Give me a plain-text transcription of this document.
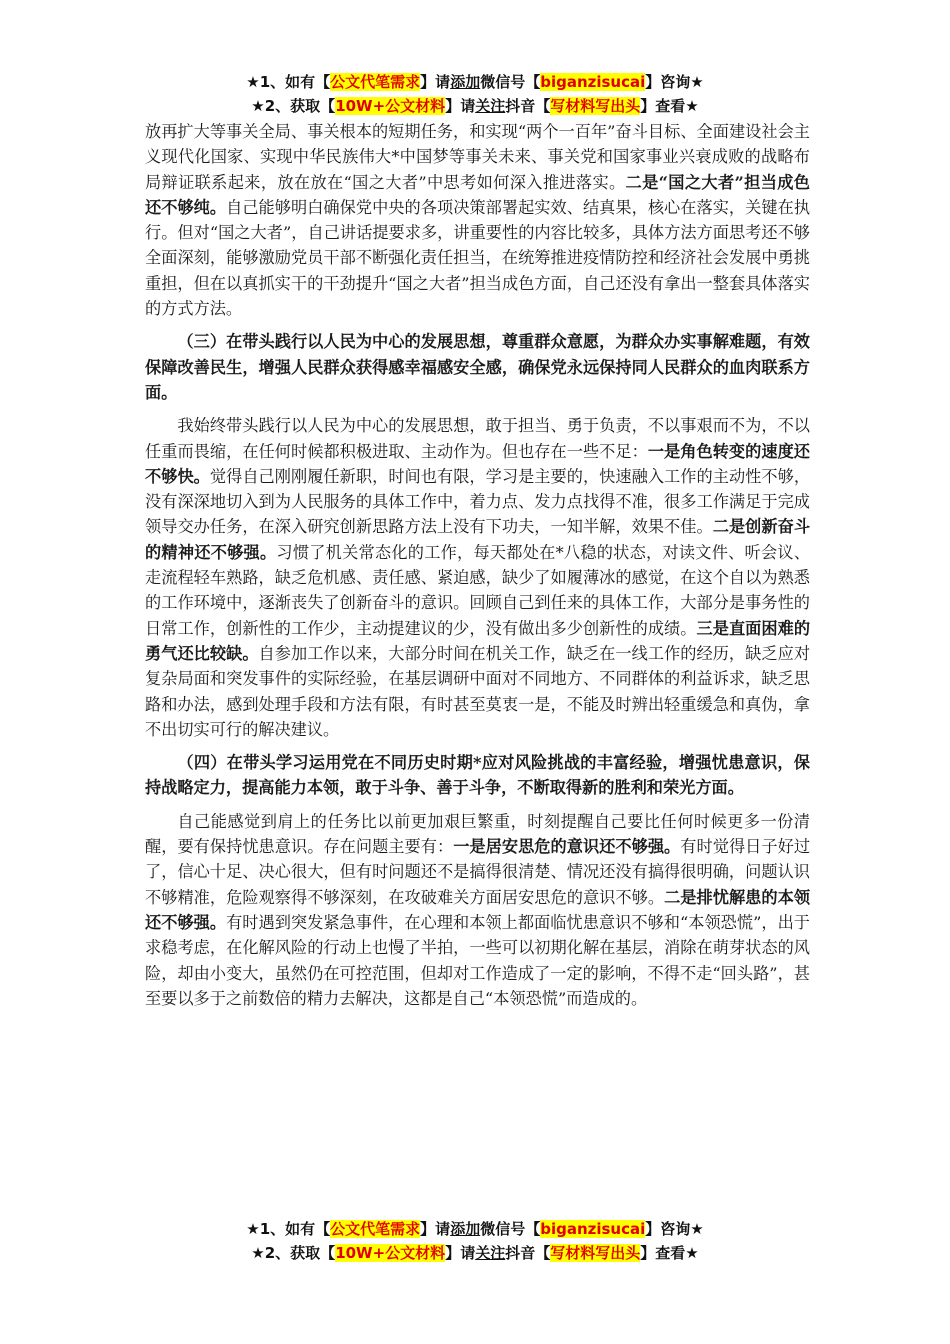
★1、如有【公文代笔需求】请添加微信号【biganzisucai】咨询★
★2、获取【10W+公文材料】请关注抖音【写材料写出头】查看★

放再扩大等事关全局、事关根本的短期任务，和实现“两个一百年”奋斗目标、全面建设社会主义现代化国家、实现中华民族伟大*中国梦等事关未来、事关党和国家事业兴衰成败的战略布局辩证联系起来，放在放在“国之大者”中思考如何深入推进落实。二是“国之大者”担当成色还不够纯。自己能够明白确保党中央的各项决策部署起实效、结真果，核心在落实，关键在执行。但对“国之大者”，自己讲话提要求多，讲重要性的内容比较多，具体方法方面思考还不够全面深刻，能够激励党员干部不断强化责任担当，在统筹推进疫情防控和经济社会发展中勇挑重担，但在以真抓实干的干劲提升“国之大者”担当成色方面，自己还没有拿出一整套具体落实的方式方法。

（三）在带头践行以人民为中心的发展思想，尊重群众意愿，为群众办实事解难题，有效保障改善民生，增强人民群众获得感幸福感安全感，确保党永远保持同人民群众的血肉联系方面。

我始终带头践行以人民为中心的发展思想，敢于担当、勇于负责，不以事艰而不为，不以任重而畏缩，在任何时候都积极进取、主动作为。但也存在一些不足：一是角色转变的速度还不够快。觉得自己刚刚履任新职，时间也有限，学习是主要的，快速融入工作的主动性不够，没有深深地切入到为人民服务的具体工作中，着力点、发力点找得不准，很多工作满足于完成领导交办任务，在深入研究创新思路方法上没有下功夫，一知半解，效果不佳。二是创新奋斗的精神还不够强。习惯了机关常态化的工作，每天都处在*八稳的状态，对读文件、听会议、走流程轻车熟路，缺乏危机感、责任感、紧迫感，缺少了如履薄冰的感觉，在这个自以为熟悉的工作环境中，逐渐丧失了创新奋斗的意识。回顾自己到任来的具体工作，大部分是事务性的日常工作，创新性的工作少，主动提建议的少，没有做出多少创新性的成绩。三是直面困难的勇气还比较缺。自参加工作以来，大部分时间在机关工作，缺乏在一线工作的经历，缺乏应对复杂局面和突发事件的实际经验，在基层调研中面对不同地方、不同群体的利益诉求，缺乏思路和办法，感到处理手段和方法有限，有时甚至莫衷一是，不能及时辨出轻重缓急和真伪，拿不出切实可行的解决建议。

（四）在带头学习运用党在不同历史时期*应对风险挑战的丰富经验，增强忧患意识，保持战略定力，提高能力本领，敢于斗争、善于斗争，不断取得新的胜利和荣光方面。

自己能感觉到肩上的任务比以前更加艰巨繁重，时刻提醒自己要比任何时候更多一份清醒，要有保持忧患意识。存在问题主要有：一是居安思危的意识还不够强。有时觉得日子好过了，信心十足、决心很大，但有时问题还不是搞得很清楚、情况还没有搞得很明确，问题认识不够精准，危险观察得不够深刻，在攻破难关方面居安思危的意识不够。二是排忧解患的本领还不够强。有时遇到突发紧急事件，在心理和本领上都面临忧患意识不够和“本领恐慌”，出于求稳考虑，在化解风险的行动上也慢了半拍，一些可以初期化解在基层，消除在萌芽状态的风险，却由小变大，虽然仍在可控范围，但却对工作造成了一定的影响，不得不走“回头路”，甚至要以多于之前数倍的精力去解决，这都是自己“本领恐慌”而造成的。

★1、如有【公文代笔需求】请添加微信号【biganzisucai】咨询★
★2、获取【10W+公文材料】请关注抖音【写材料写出头】查看★
